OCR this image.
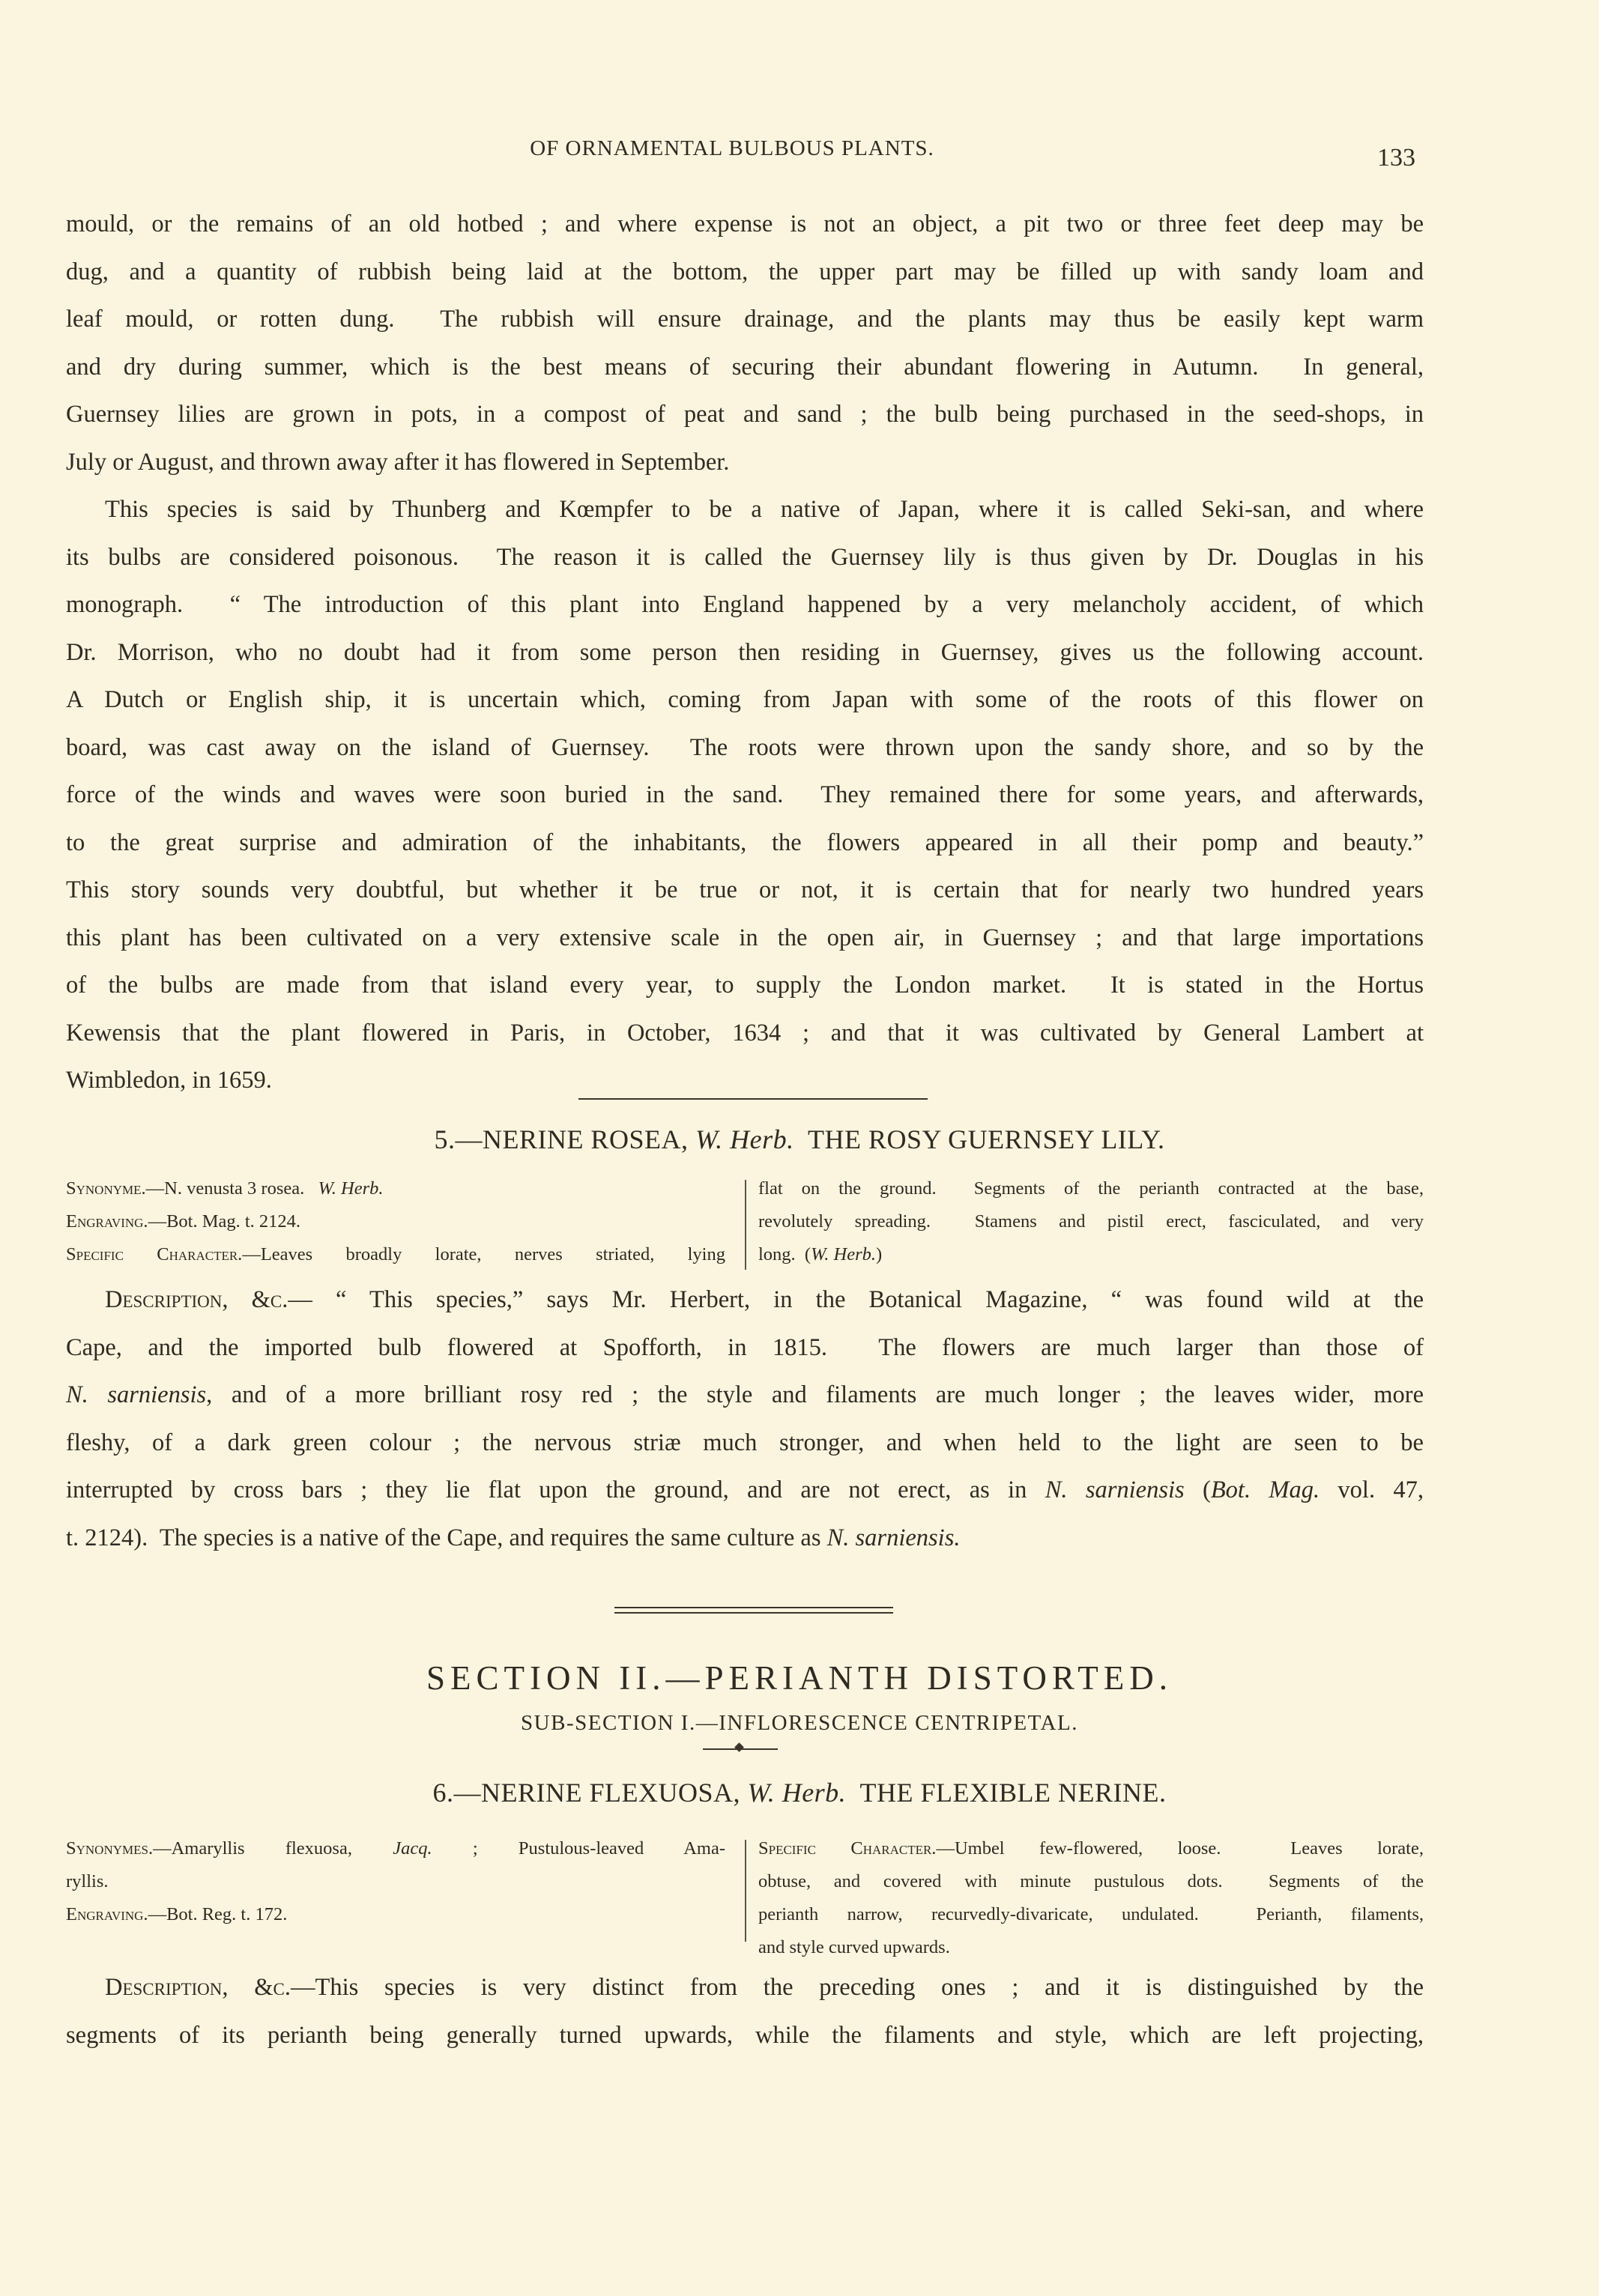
OF ORNAMENTAL BULBOUS PLANTS.	133
mould, or the remains of an old hotbed ; and where expense is not an object, a pit two or three feet deep may be
dug, and a quantity of rubbish being laid at the bottom, the upper part may be filled up with sandy loam and
leaf mould, or rotten dung.  The rubbish will ensure drainage, and the plants may thus be easily kept warm
and dry during summer, which is the best means of securing their abundant flowering in Autumn.  In general,
Guernsey lilies are grown in pots, in a compost of peat and sand ; the bulb being purchased in the seed-shops, in
July or August, and thrown away after it has flowered in September.
This species is said by Thunberg and Kœmpfer to be a native of Japan, where it is called Seki-san, and where
its bulbs are considered poisonous.  The reason it is called the Guernsey lily is thus given by Dr. Douglas in his
monograph.  “ The introduction of this plant into England happened by a very melancholy accident, of which
Dr. Morrison, who no doubt had it from some person then residing in Guernsey, gives us the following account.
A Dutch or English ship, it is uncertain which, coming from Japan with some of the roots of this flower on
board, was cast away on the island of Guernsey.  The roots were thrown upon the sandy shore, and so by the
force of the winds and waves were soon buried in the sand.  They remained there for some years, and afterwards,
to the great surprise and admiration of the inhabitants, the flowers appeared in all their pomp and beauty.”
This story sounds very doubtful, but whether it be true or not, it is certain that for nearly two hundred years
this plant has been cultivated on a very extensive scale in the open air, in Guernsey ; and that large importations
of the bulbs are made from that island every year, to supply the London market.  It is stated in the Hortus
Kewensis that the plant flowered in Paris, in October, 1634 ; and that it was cultivated by General Lambert at
Wimbledon, in 1659.
5.—NERINE ROSEA, W. Herb.  THE ROSY GUERNSEY LILY.
Synonyme.—N. venusta 3 rosea.   W. Herb.
Engraving.—Bot. Mag. t. 2124.
Specific Character.—Leaves broadly lorate, nerves striated, lying
flat on the ground.  Segments of the perianth contracted at the base,
revolutely spreading.  Stamens and pistil erect, fasciculated, and very
long.  (W. Herb.)
Description, &c.— “ This species,” says Mr. Herbert, in the Botanical Magazine, “ was found wild at the
Cape, and the imported bulb flowered at Spofforth, in 1815.  The flowers are much larger than those of
N. sarniensis, and of a more brilliant rosy red ; the style and filaments are much longer ; the leaves wider, more
fleshy, of a dark green colour ; the nervous striæ much stronger, and when held to the light are seen to be
interrupted by cross bars ; they lie flat upon the ground, and are not erect, as in N. sarniensis (Bot. Mag. vol. 47,
t. 2124).  The species is a native of the Cape, and requires the same culture as N. sarniensis.
SECTION II.—PERIANTH DISTORTED.
SUB-SECTION I.—INFLORESCENCE CENTRIPETAL.
6.—NERINE FLEXUOSA, W. Herb.  THE FLEXIBLE NERINE.
Synonymes.—Amaryllis flexuosa, Jacq. ; Pustulous-leaved Ama-
ryllis.
Engraving.—Bot. Reg. t. 172.
Specific Character.—Umbel few-flowered, loose.  Leaves lorate,
obtuse, and covered with minute pustulous dots.  Segments of the
perianth narrow, recurvedly-divaricate, undulated.  Perianth, filaments,
and style curved upwards.
Description, &c.—This species is very distinct from the preceding ones ; and it is distinguished by the
segments of its perianth being generally turned upwards, while the filaments and style, which are left projecting,
